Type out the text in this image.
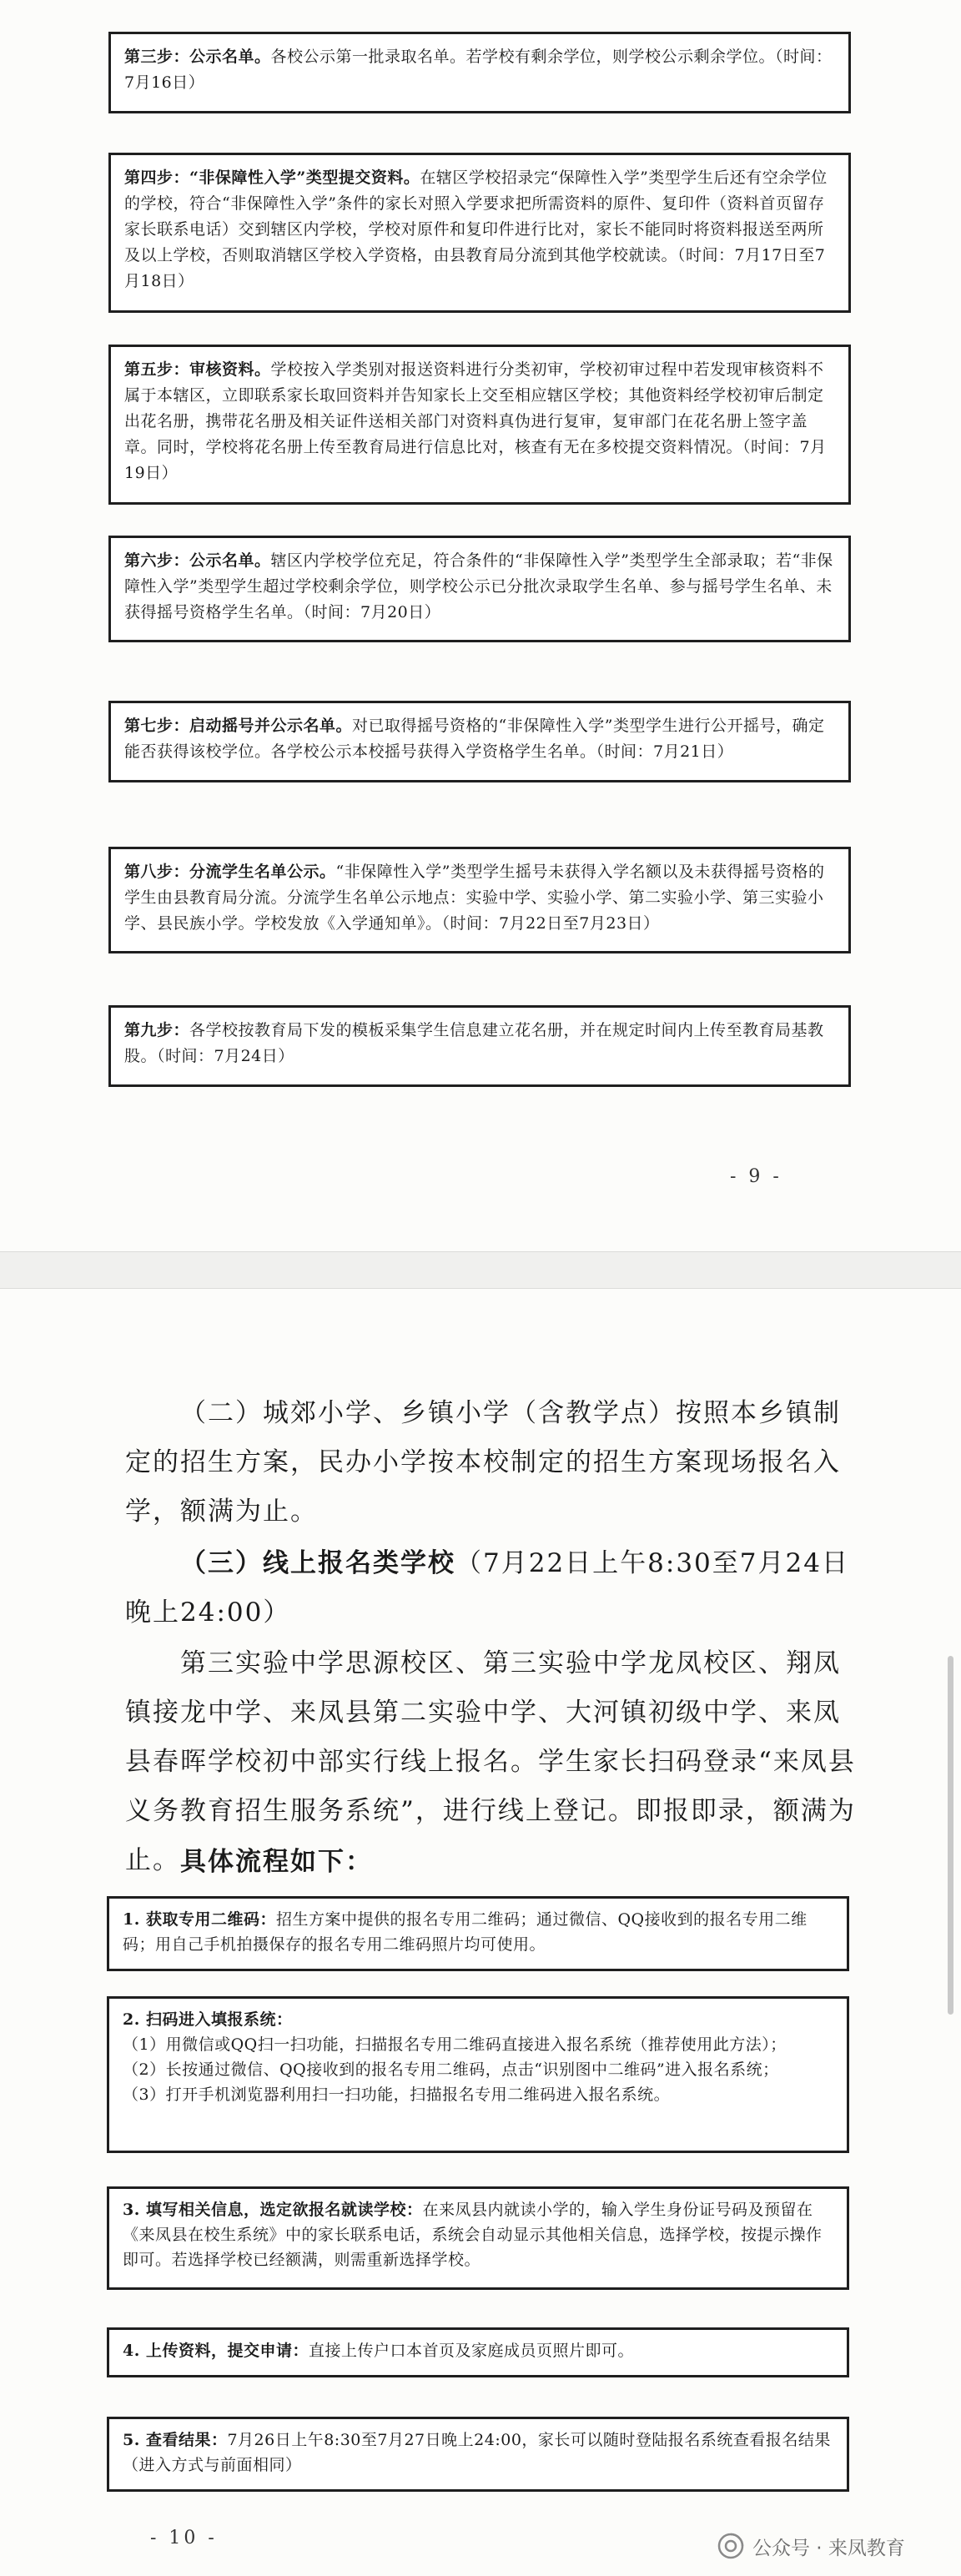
第三步：公示名单。各校公示第一批录取名单。若学校有剩余学位，则学校公示剩余学位。（时间：7月16日）
第四步：“非保障性入学”类型提交资料。在辖区学校招录完“保障性入学”类型学生后还有空余学位的学校，符合“非保障性入学”条件的家长对照入学要求把所需资料的原件、复印件（资料首页留存家长联系电话）交到辖区内学校，学校对原件和复印件进行比对，家长不能同时将资料报送至两所及以上学校，否则取消辖区学校入学资格，由县教育局分流到其他学校就读。（时间：7月17日至7月18日）
第五步：审核资料。学校按入学类别对报送资料进行分类初审，学校初审过程中若发现审核资料不属于本辖区，立即联系家长取回资料并告知家长上交至相应辖区学校；其他资料经学校初审后制定出花名册，携带花名册及相关证件送相关部门对资料真伪进行复审，复审部门在花名册上签字盖章。同时，学校将花名册上传至教育局进行信息比对，核查有无在多校提交资料情况。（时间：7月19日）
第六步：公示名单。辖区内学校学位充足，符合条件的“非保障性入学”类型学生全部录取；若“非保障性入学”类型学生超过学校剩余学位，则学校公示已分批次录取学生名单、参与摇号学生名单、未获得摇号资格学生名单。（时间：7月20日）
第七步：启动摇号并公示名单。对已取得摇号资格的“非保障性入学”类型学生进行公开摇号，确定能否获得该校学位。各学校公示本校摇号获得入学资格学生名单。（时间：7月21日）
第八步：分流学生名单公示。“非保障性入学”类型学生摇号未获得入学名额以及未获得摇号资格的学生由县教育局分流。分流学生名单公示地点：实验中学、实验小学、第二实验小学、第三实验小学、县民族小学。学校发放《入学通知单》。（时间：7月22日至7月23日）
第九步：各学校按教育局下发的模板采集学生信息建立花名册，并在规定时间内上传至教育局基教股。（时间：7月24日）
- 9 -

（二）城郊小学、乡镇小学（含教学点）按照本乡镇制定的招生方案，民办小学按本校制定的招生方案现场报名入学，额满为止。

（三）线上报名类学校（7月22日上午8:30至7月24日晚上24:00）

第三实验中学思源校区、第三实验中学龙凤校区、翔凤镇接龙中学、来凤县第二实验中学、大河镇初级中学、来凤县春晖学校初中部实行线上报名。学生家长扫码登录“来凤县义务教育招生服务系统”，进行线上登记。即报即录，额满为止。 具体流程如下：

1. 获取专用二维码：招生方案中提供的报名专用二维码；通过微信、QQ接收到的报名专用二维码；用自己手机拍摄保存的报名专用二维码照片均可使用。
2. 扫码进入填报系统：
（1）用微信或QQ扫一扫功能，扫描报名专用二维码直接进入报名系统（推荐使用此方法）；
（2）长按通过微信、QQ接收到的报名专用二维码，点击“识别图中二维码”进入报名系统；
（3）打开手机浏览器利用扫一扫功能，扫描报名专用二维码进入报名系统。
3. 填写相关信息，选定欲报名就读学校：在来凤县内就读小学的，输入学生身份证号码及预留在《来凤县在校生系统》中的家长联系电话，系统会自动显示其他相关信息，选择学校，按提示操作即可。若选择学校已经额满，则需重新选择学校。
4. 上传资料，提交申请：直接上传户口本首页及家庭成员页照片即可。
5. 查看结果：7月26日上午8:30至7月27日晚上24:00，家长可以随时登陆报名系统查看报名结果（进入方式与前面相同）
- 10 -	公众号 · 来凤教育
